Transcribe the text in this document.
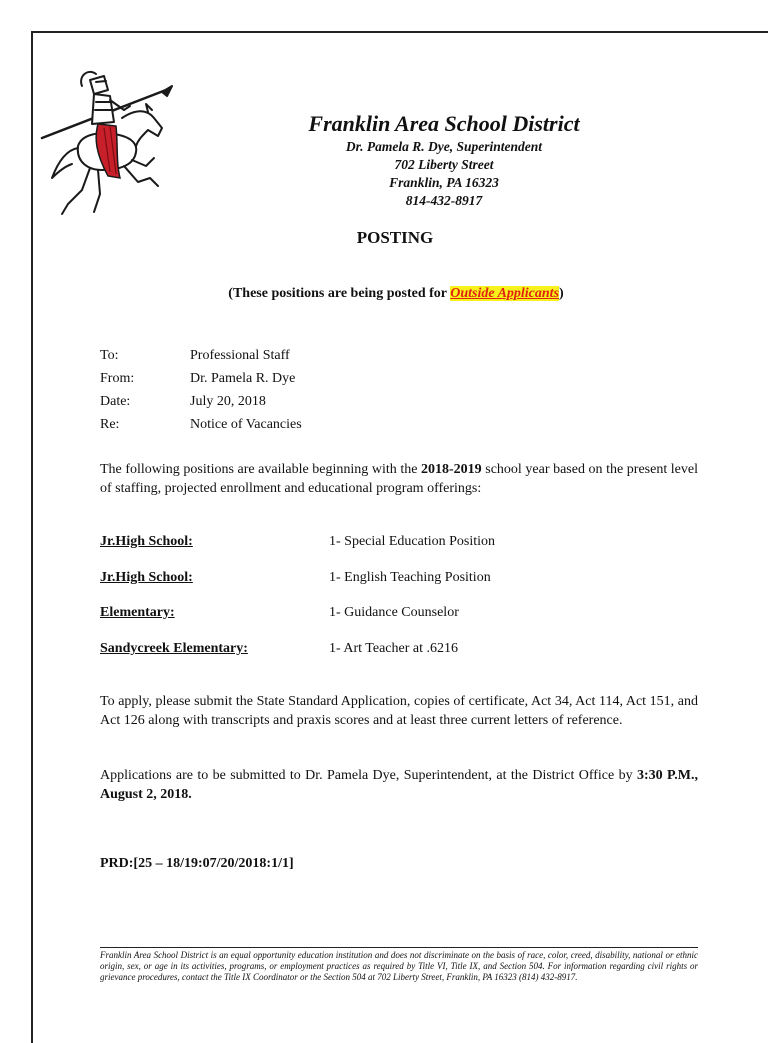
Franklin Area School District
Dr. Pamela R. Dye, Superintendent
702 Liberty Street
Franklin, PA 16323
814-432-8917
POSTING
(These positions are being posted for Outside Applicants)
To:	Professional Staff
From:	Dr. Pamela R. Dye
Date:	July 20, 2018
Re:	Notice of Vacancies
The following positions are available beginning with the 2018-2019 school year based on the present level of staffing, projected enrollment and educational program offerings:
Jr.High School:	1- Special Education Position
Jr.High School:	1- English Teaching Position
Elementary:	1- Guidance Counselor
Sandycreek Elementary:	1- Art Teacher at .6216
To apply, please submit the State Standard Application, copies of certificate, Act 34, Act 114, Act 151, and Act 126 along with transcripts and praxis scores and at least three current letters of reference.
Applications are to be submitted to Dr. Pamela Dye, Superintendent, at the District Office by 3:30 P.M., August 2, 2018.
PRD:[25 – 18/19:07/20/2018:1/1]
Franklin Area School District is an equal opportunity education institution and does not discriminate on the basis of race, color, creed, disability, national or ethnic origin, sex, or age in its activities, programs, or employment practices as required by Title VI, Title IX, and Section 504. For information regarding civil rights or grievance procedures, contact the Title IX Coordinator or the Section 504 at 702 Liberty Street, Franklin, PA 16323 (814) 432-8917.
